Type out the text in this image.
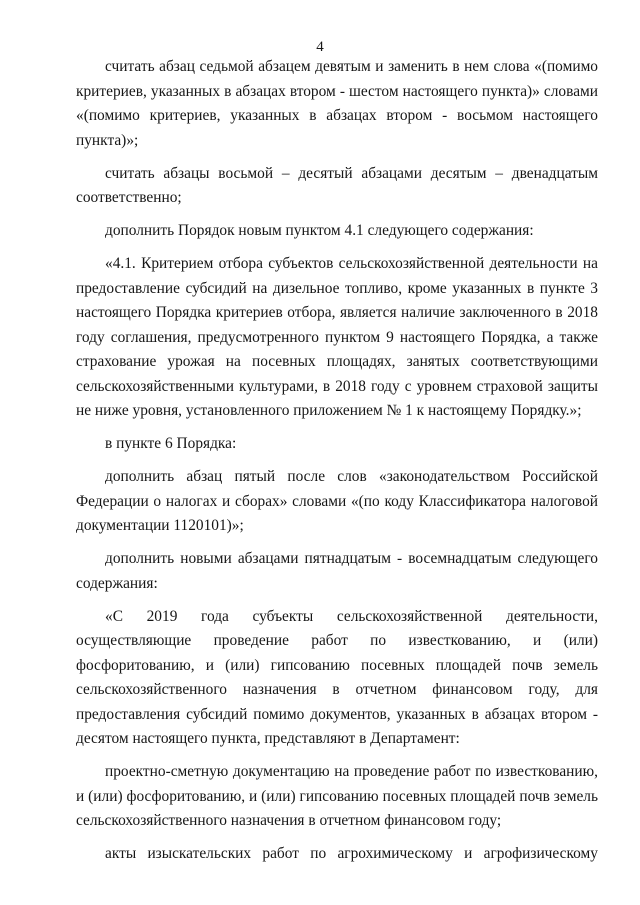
4

считать абзац седьмой абзацем девятым и заменить в нем слова «(помимо критериев, указанных в абзацах втором - шестом настоящего пункта)» словами «(помимо критериев, указанных в абзацах втором - восьмом настоящего пункта)»;

считать абзацы восьмой – десятый абзацами десятым – двенадцатым соответственно;

дополнить Порядок новым пунктом 4.1 следующего содержания:

«4.1. Критерием отбора субъектов сельскохозяйственной деятельности на предоставление субсидий на дизельное топливо, кроме указанных в пункте 3 настоящего Порядка критериев отбора, является наличие заключенного в 2018 году соглашения, предусмотренного пунктом 9 настоящего Порядка, а также страхование урожая на посевных площадях, занятых соответствующими сельскохозяйственными культурами, в 2018 году с уровнем страховой защиты не ниже уровня, установленного приложением № 1 к настоящему Порядку.»;

в пункте 6 Порядка:

дополнить абзац пятый после слов «законодательством Российской Федерации о налогах и сборах» словами «(по коду Классификатора налоговой документации 1120101)»;

дополнить новыми абзацами пятнадцатым - восемнадцатым следующего содержания:

«С 2019 года субъекты сельскохозяйственной деятельности, осуществляющие проведение работ по известкованию, и (или) фосфоритованию, и (или) гипсованию посевных площадей почв земель сельскохозяйственного назначения в отчетном финансовом году, для предоставления субсидий помимо документов, указанных в абзацах втором - десятом настоящего пункта, представляют в Департамент:

проектно-сметную документацию на проведение работ по известкованию, и (или) фосфоритованию, и (или) гипсованию посевных площадей почв земель сельскохозяйственного назначения в отчетном финансовом году;

акты изыскательских работ по агрохимическому и агрофизическому
